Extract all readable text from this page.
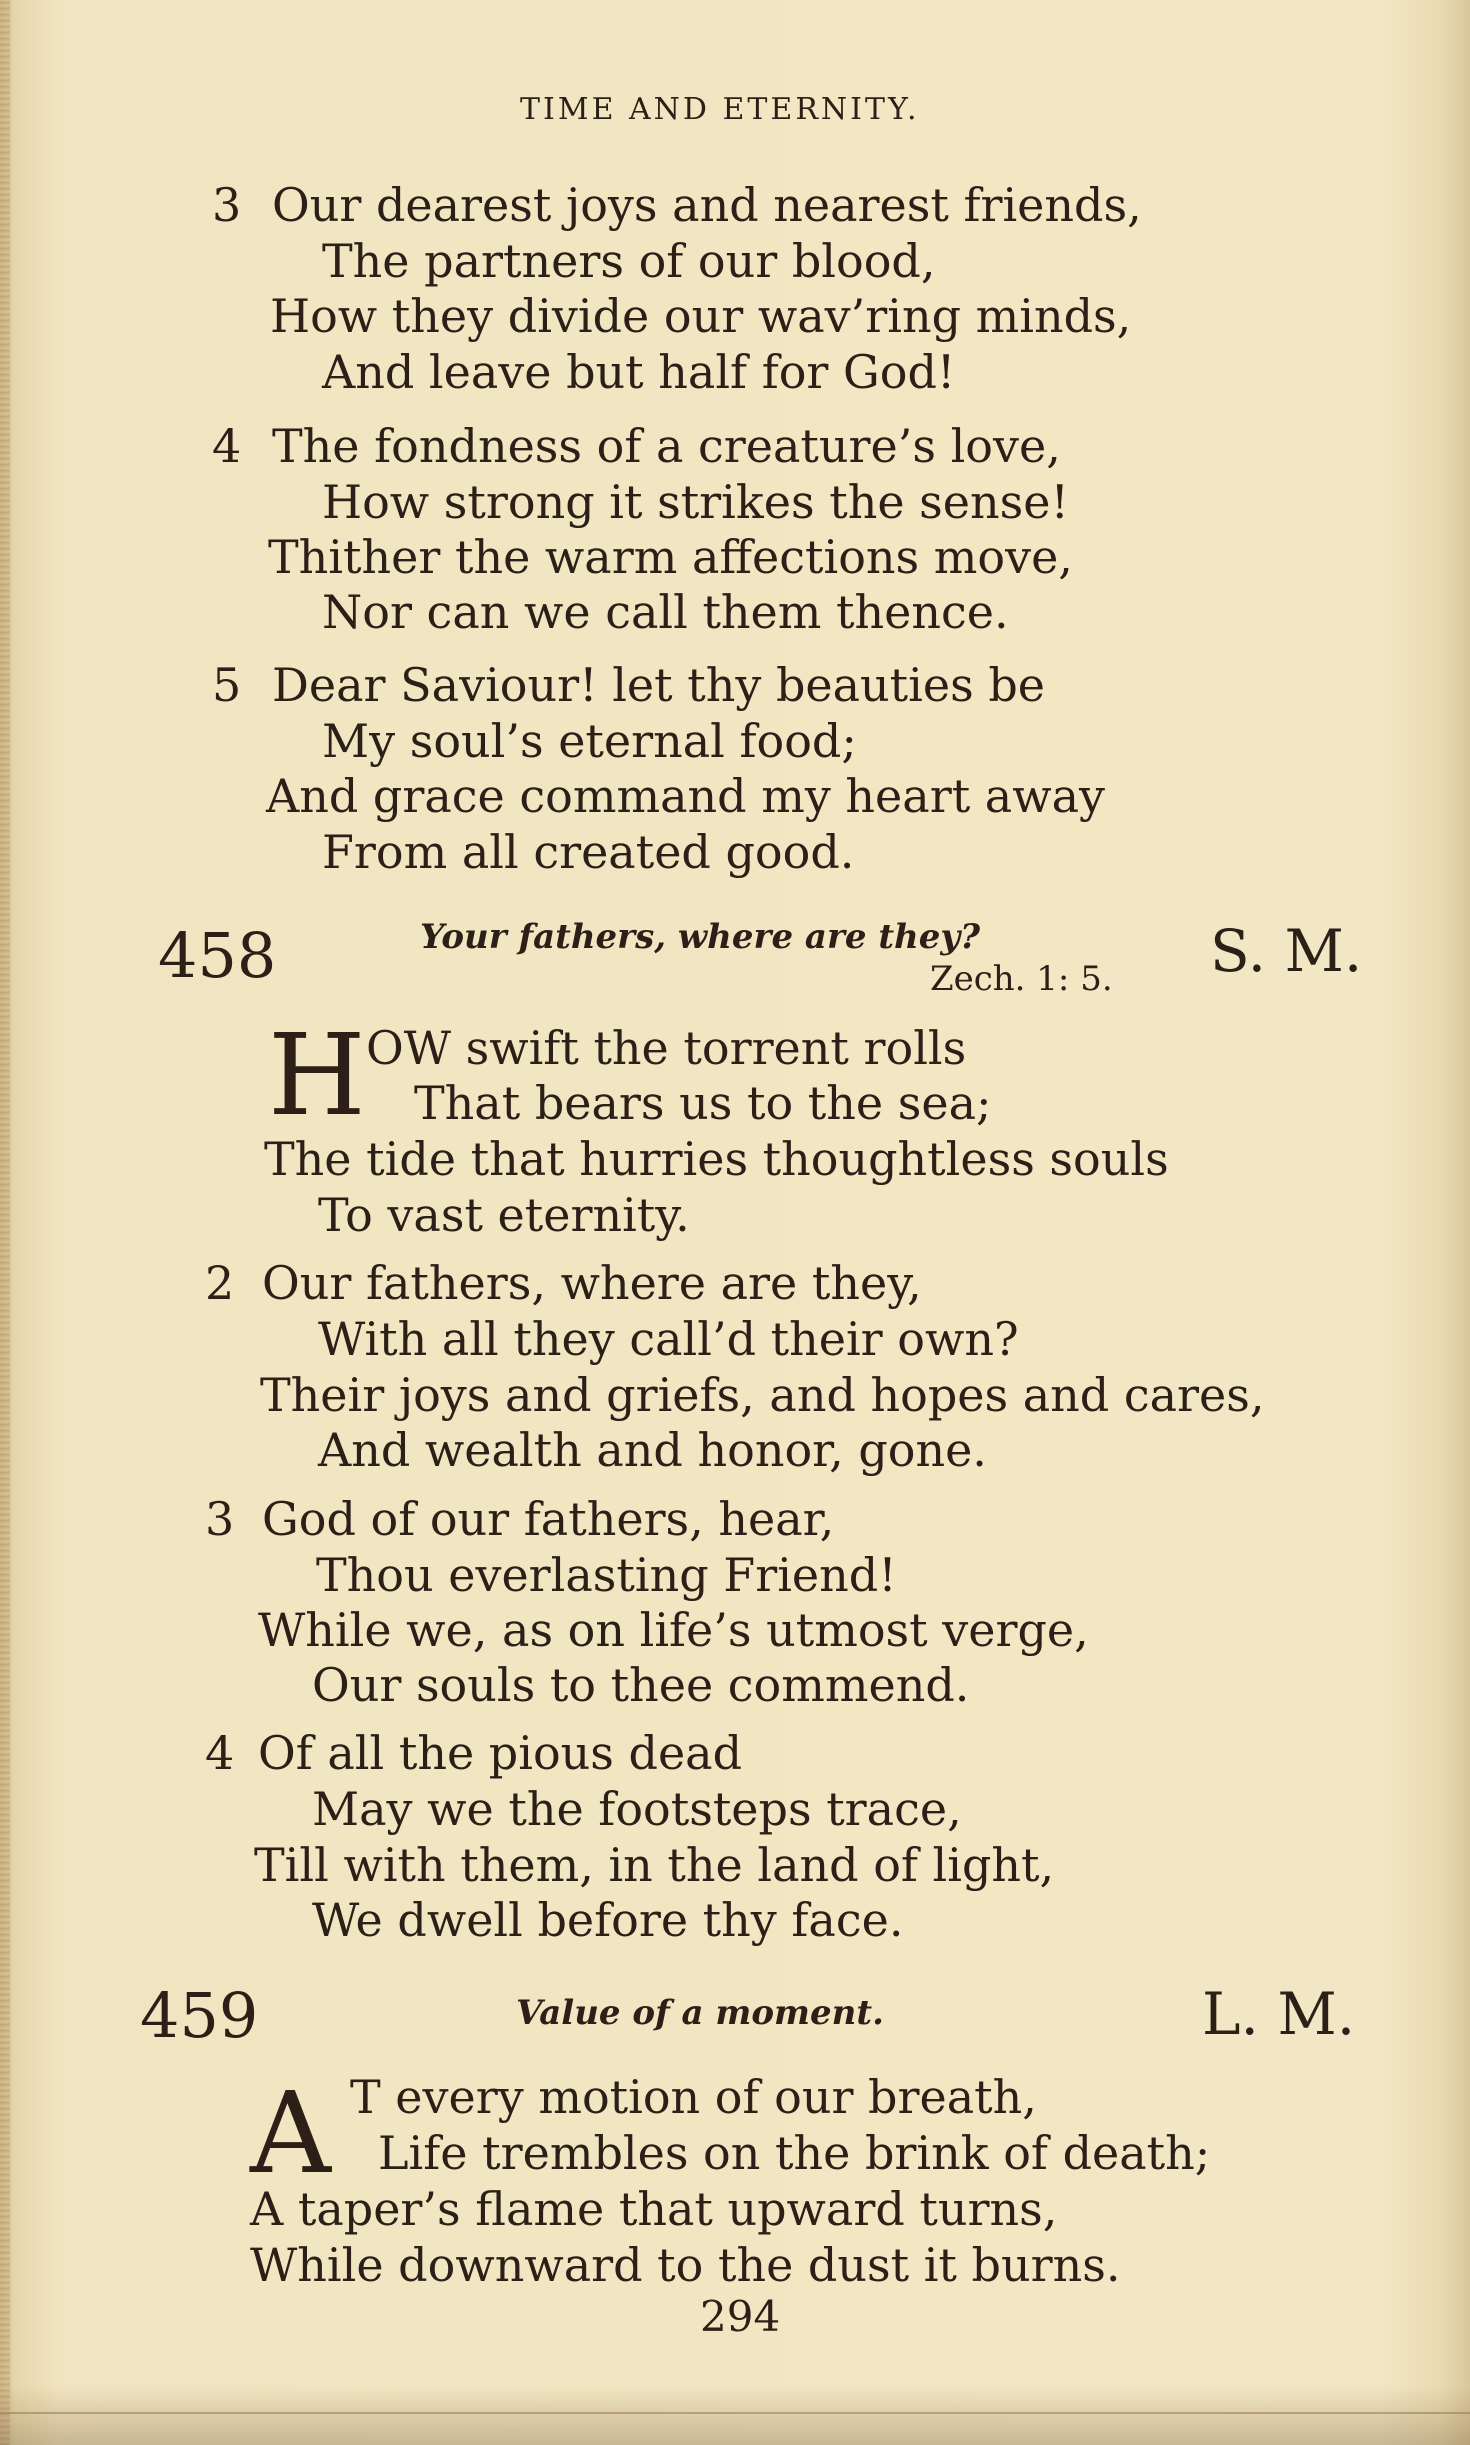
TIME AND ETERNITY.
3 Our dearest joys and nearest friends,
The partners of our blood,
How they divide our wav’ring minds,
And leave but half for God!
4 The fondness of a creature’s love,
How strong it strikes the sense!
Thither the warm affections move,
Nor can we call them thence.
5 Dear Saviour! let thy beauties be
My soul’s eternal food;
And grace command my heart away
From all created good.
458	Your fathers, where are they?
Zech. 1: 5. S. M.
H OW swift the torrent rolls
That bears us to the sea;
The tide that hurries thoughtless souls
To vast eternity.
2 Our fathers, where are they,
With all they call’d their own?
Their joys and griefs, and hopes and cares,
And wealth and honor, gone.
3 God of our fathers, hear,
Thou everlasting Friend!
While we, as on life’s utmost verge,
Our souls to thee commend.
4 Of all the pious dead
May we the footsteps trace,
Till with them, in the land of light,
We dwell before thy face.
459	Value of a moment.	L. M.
A T every motion of our breath,
Life trembles on the brink of death;
A taper’s flame that upward turns,
While downward to the dust it burns.
294
